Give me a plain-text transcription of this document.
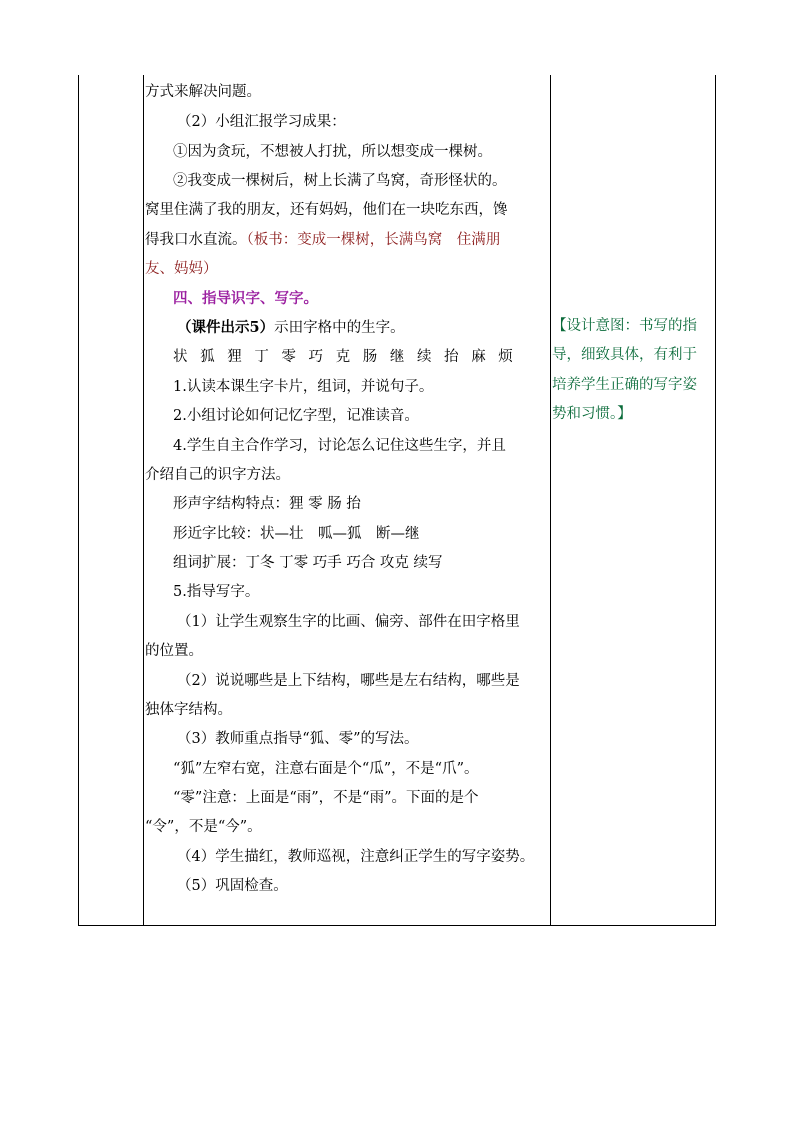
方式来解决问题。
（2）小组汇报学习成果：
①因为贪玩，不想被人打扰，所以想变成一棵树。
②我变成一棵树后，树上长满了鸟窝，奇形怪状的。
窝里住满了我的朋友，还有妈妈，他们在一块吃东西，馋
得我口水直流。（板书：变成一棵树，长满鸟窝　住满朋
友、妈妈）
四、指导识字、写字。
（课件出示5）示田字格中的生字。
状 狐 狸 丁 零 巧 克 肠 继 续 抬 麻 烦
1.认读本课生字卡片，组词，并说句子。
2.小组讨论如何记忆字型，记准读音。
4.学生自主合作学习，讨论怎么记住这些生字，并且
介绍自己的识字方法。
形声字结构特点：狸 零 肠 抬
形近字比较：状—壮　呱—狐　断—继
组词扩展：丁冬 丁零 巧手 巧合 攻克 续写
5.指导写字。
（1）让学生观察生字的比画、偏旁、部件在田字格里
的位置。
（2）说说哪些是上下结构，哪些是左右结构，哪些是
独体字结构。
（3）教师重点指导“狐、零”的写法。
“狐”左窄右宽，注意右面是个“瓜”，不是“爪”。
“零”注意：上面是“雨”，不是“雨”。下面的是个
“令”，不是“今”。
（4）学生描红，教师巡视，注意纠正学生的写字姿势。
（5）巩固检查。
【设计意图：书写的指
导，细致具体，有利于
培养学生正确的写字姿
势和习惯。】
